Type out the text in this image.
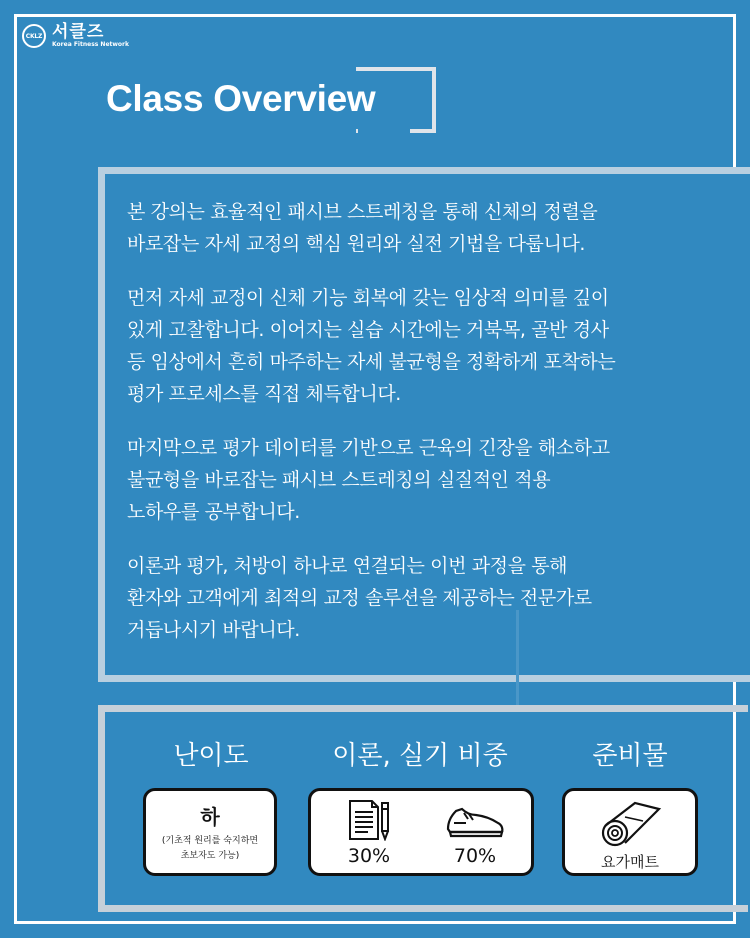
CKLZ 서클즈
Korea Fitness Network
Class Overview

본 강의는 효율적인 패시브 스트레칭을 통해 신체의 정렬을
바로잡는 자세 교정의 핵심 원리와 실전 기법을 다룹니다.

먼저 자세 교정이 신체 기능 회복에 갖는 임상적 의미를 깊이
있게 고찰합니다. 이어지는 실습 시간에는 거북목, 골반 경사
등 임상에서 흔히 마주하는 자세 불균형을 정확하게 포착하는
평가 프로세스를 직접 체득합니다.

마지막으로 평가 데이터를 기반으로 근육의 긴장을 해소하고
불균형을 바로잡는 패시브 스트레칭의 실질적인 적용
노하우를 공부합니다.

이론과 평가, 처방이 하나로 연결되는 이번 과정을 통해
환자와 고객에게 최적의 교정 솔루션을 제공하는 전문가로
거듭나시기 바랍니다.

난이도	이론, 실기 비중	준비물
하
(기초적 원리를 숙지하면
초보자도 가능)	30%	70%	요가매트
